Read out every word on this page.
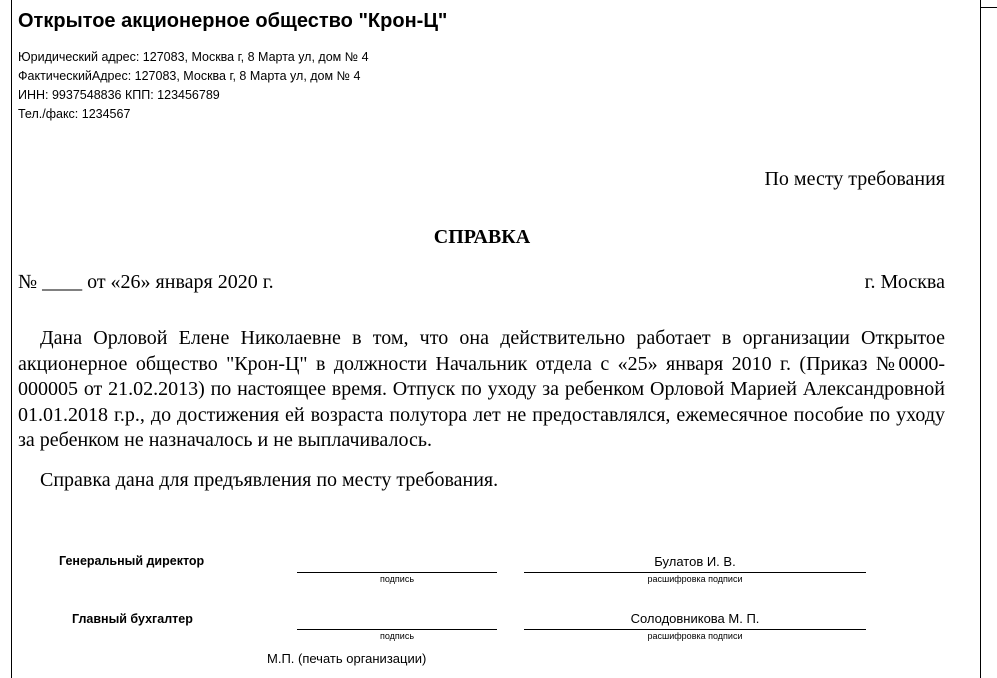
Открытое акционерное общество "Крон-Ц"
Юридический адрес: 127083, Москва г, 8 Марта ул, дом № 4
ФактическийАдрес: 127083, Москва г, 8 Марта ул, дом № 4
ИНН: 9937548836 КПП: 123456789
Тел./факс: 1234567
По месту требования
СПРАВКА
№ ____ от «26» января 2020 г.	г. Москва

Дана Орловой Елене Николаевне в том, что она действительно работает в организации Открытое акционерное общество "Крон-Ц" в должности Начальник отдела с «25» января 2010 г. (Приказ №0000-000005 от 21.02.2013) по настоящее время. Отпуск по уходу за ребенком Орловой Марией Александровной 01.01.2018 г.р., до достижения ей возраста полутора лет не предоставлялся, ежемесячное пособие по уходу за ребенком не назначалось и не выплачивалось.

Справка дана для предъявления по месту требования.
Генеральный директор
подпись
Булатов И. В.
расшифровка подписи
Главный бухгалтер
подпись
Солодовникова М. П.
расшифровка подписи
М.П. (печать организации)
